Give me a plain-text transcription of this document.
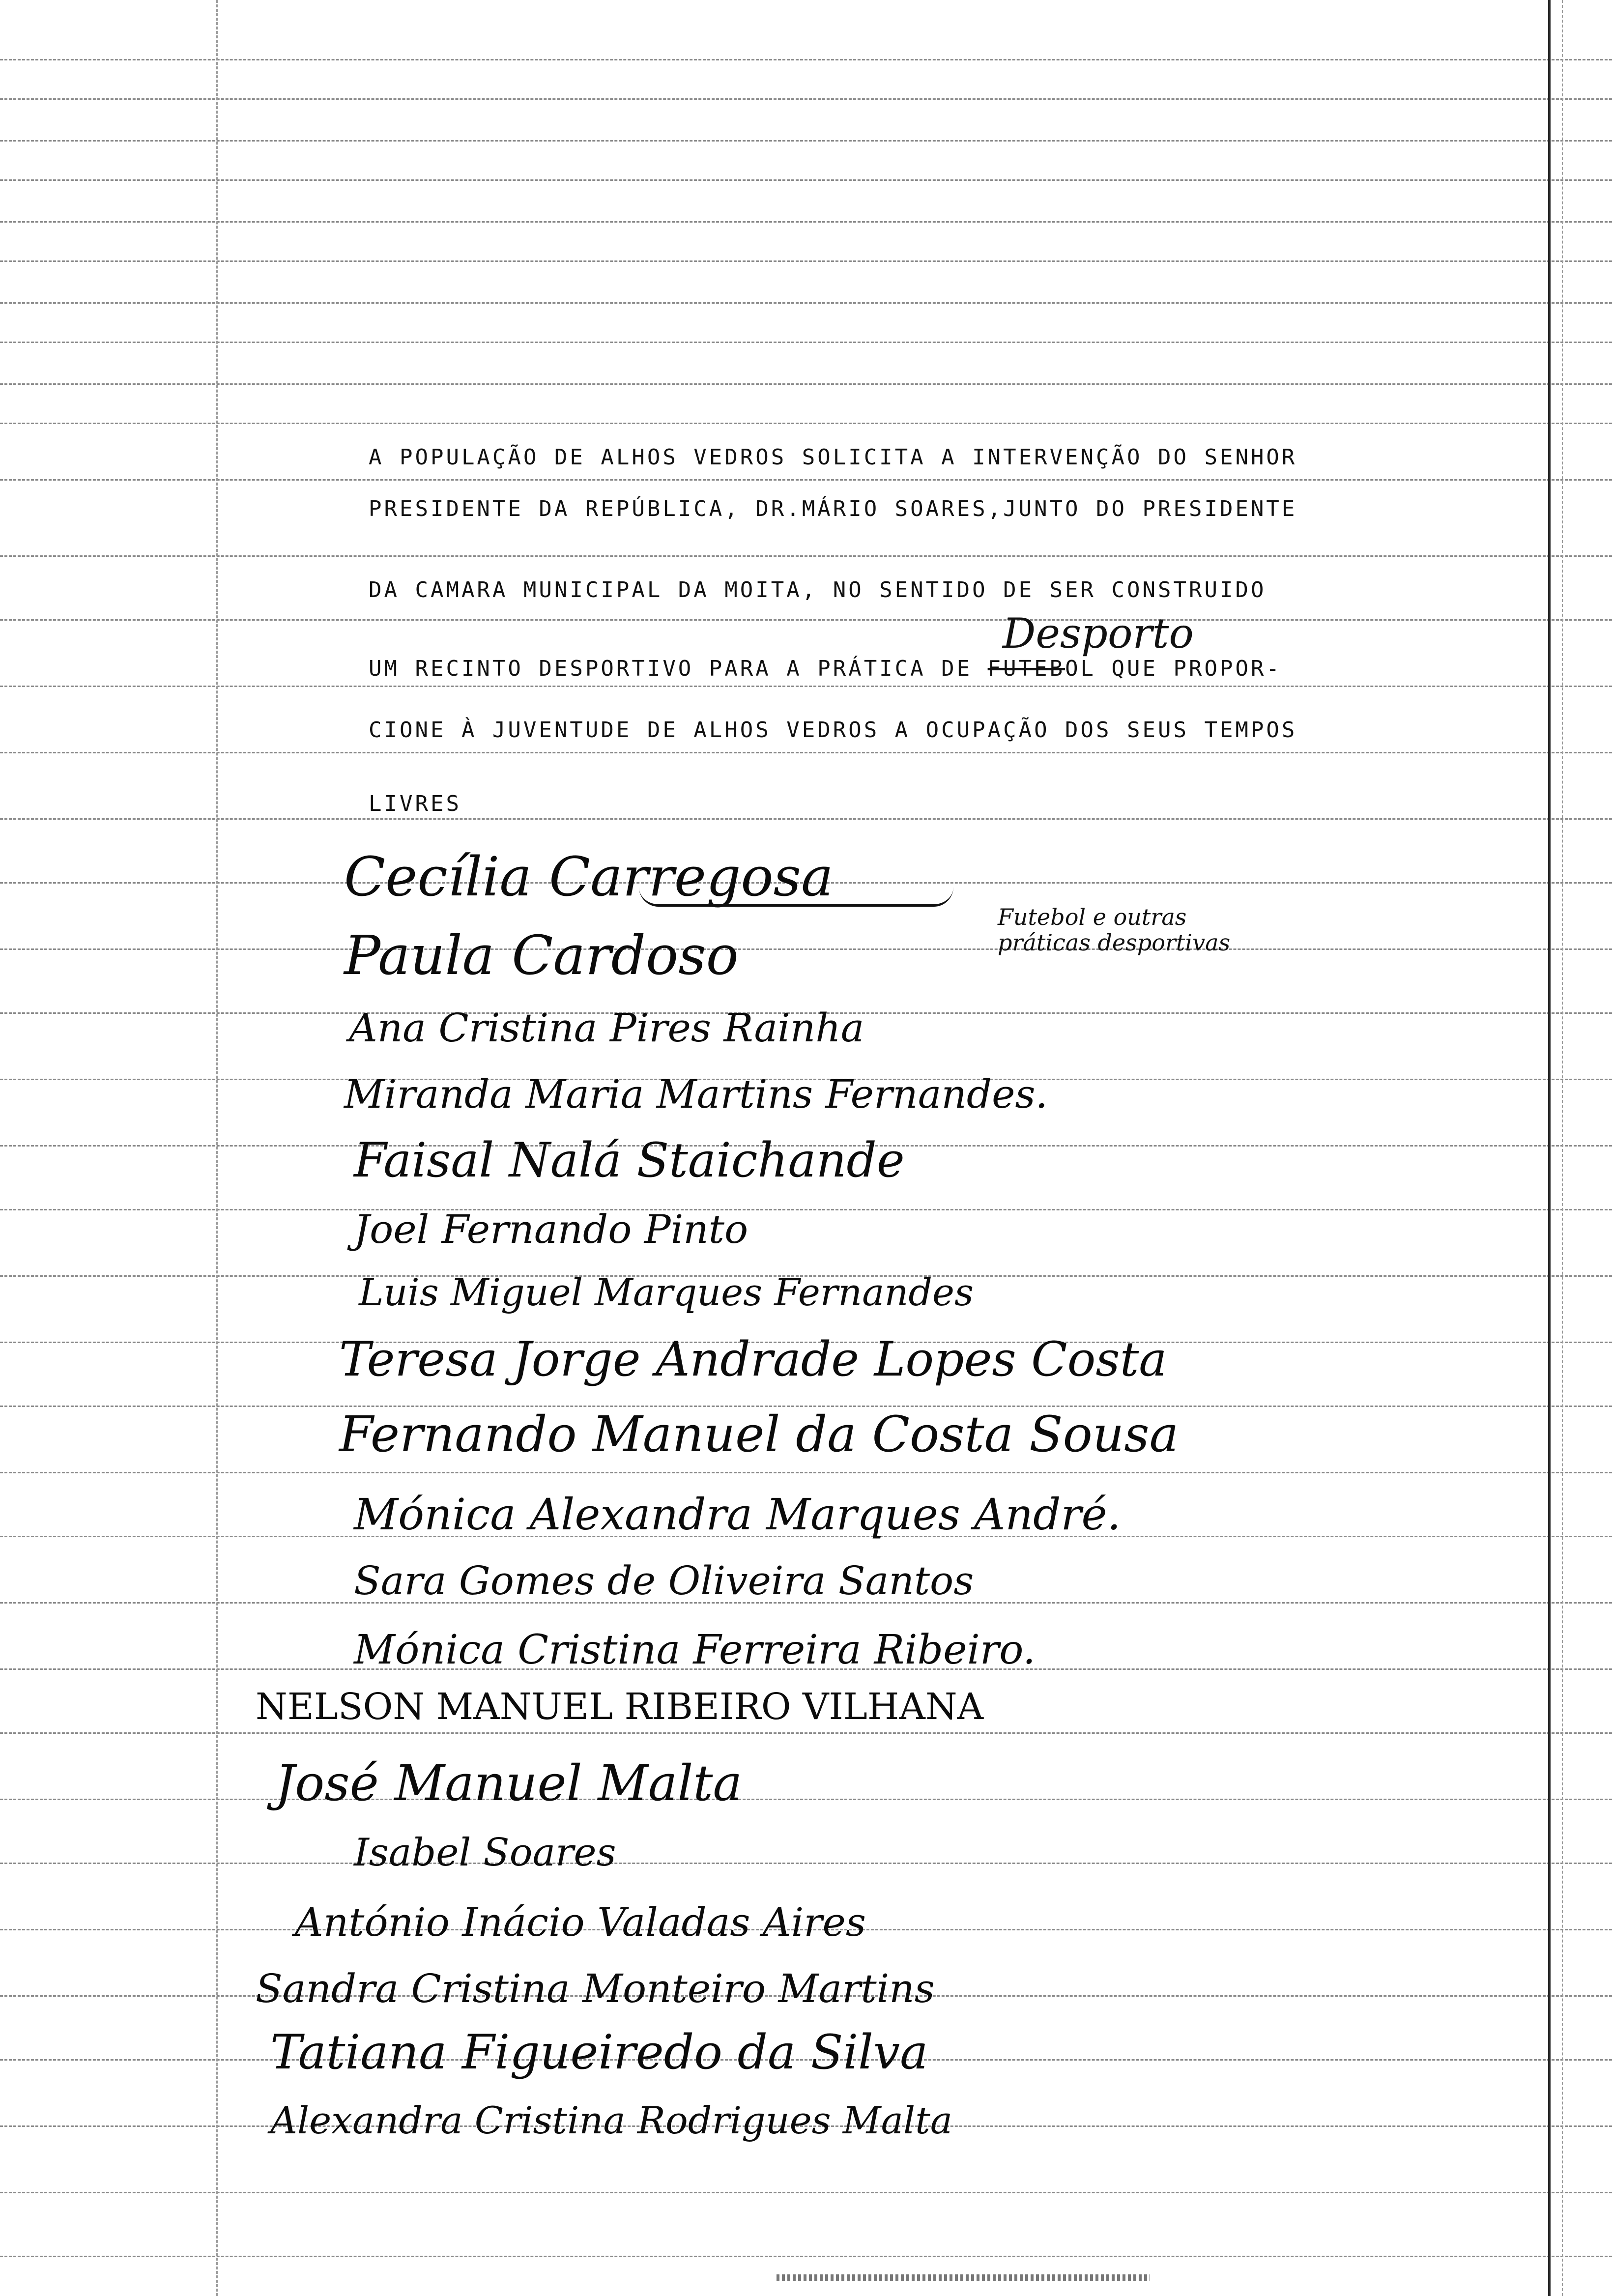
A POPULAÇÃO DE ALHOS VEDROS SOLICITA A INTERVENÇÃO DO SENHOR
PRESIDENTE DA REPÚBLICA, DR.MÁRIO SOARES,JUNTO DO PRESIDENTE
DA CAMARA MUNICIPAL DA MOITA, NO SENTIDO DE SER CONSTRUIDO
UM RECINTO DESPORTIVO PARA A PRÁTICA DE FUTEBOL QUE PROPOR-
CIONE À JUVENTUDE DE ALHOS VEDROS A OCUPAÇÃO DOS SEUS TEMPOS
LIVRES
Desporto
Futebol e outras
práticas desportivas
Cecília Carregosa
Paula Cardoso
Ana Cristina Pires Rainha
Miranda Maria Martins Fernandes.
Faisal Nalá Staichande
Joel Fernando Pinto
Luis Miguel Marques Fernandes
Teresa Jorge Andrade Lopes Costa
Fernando Manuel da Costa Sousa
Mónica Alexandra Marques André.
Sara Gomes de Oliveira Santos
Mónica Cristina Ferreira Ribeiro.
NELSON MANUEL RIBEIRO VILHANA
José Manuel Malta
Isabel Soares
António Inácio Valadas Aires
Sandra Cristina Monteiro Martins
Tatiana Figueiredo da Silva
Alexandra Cristina Rodrigues Malta
